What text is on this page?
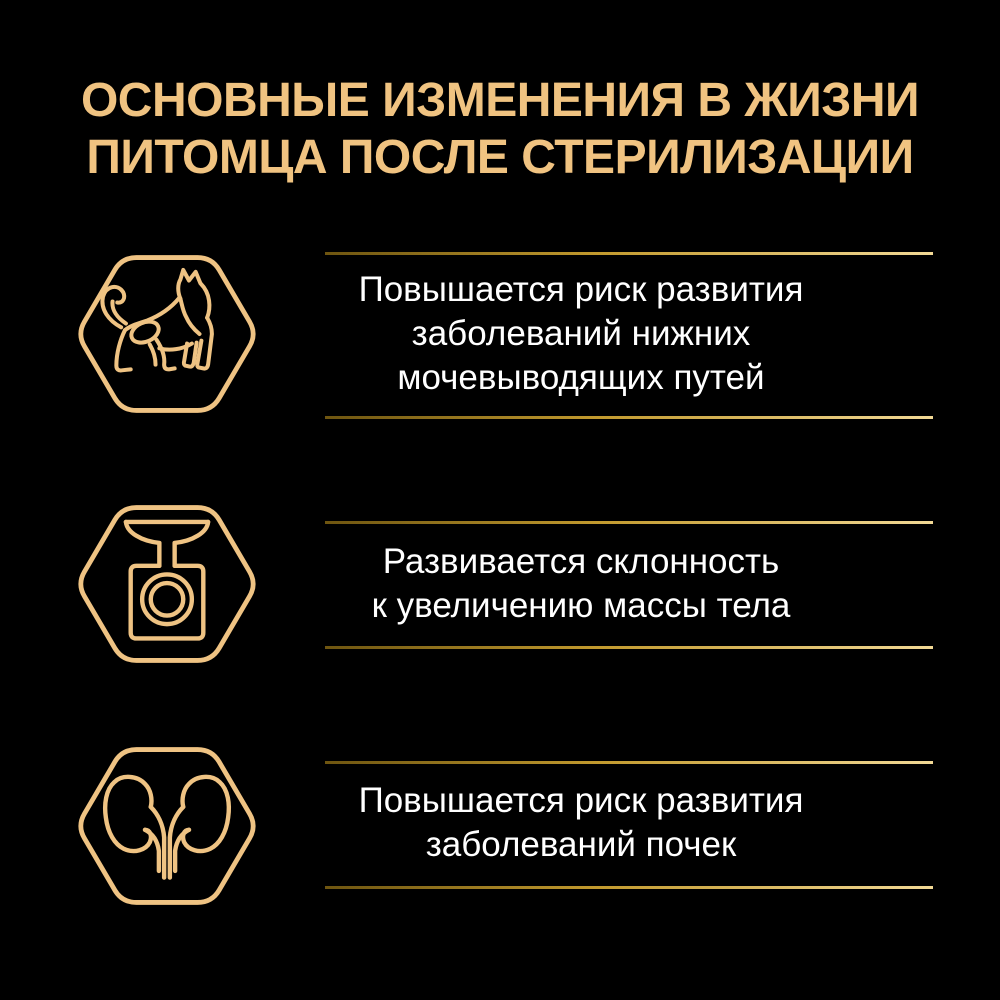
ОСНОВНЫЕ ИЗМЕНЕНИЯ В ЖИЗНИ
ПИТОМЦА ПОСЛЕ СТЕРИЛИЗАЦИИ
Повышается риск развития
заболеваний нижних
мочевыводящих путей
Развивается склонность
к увеличению массы тела
Повышается риск развития
заболеваний почек
